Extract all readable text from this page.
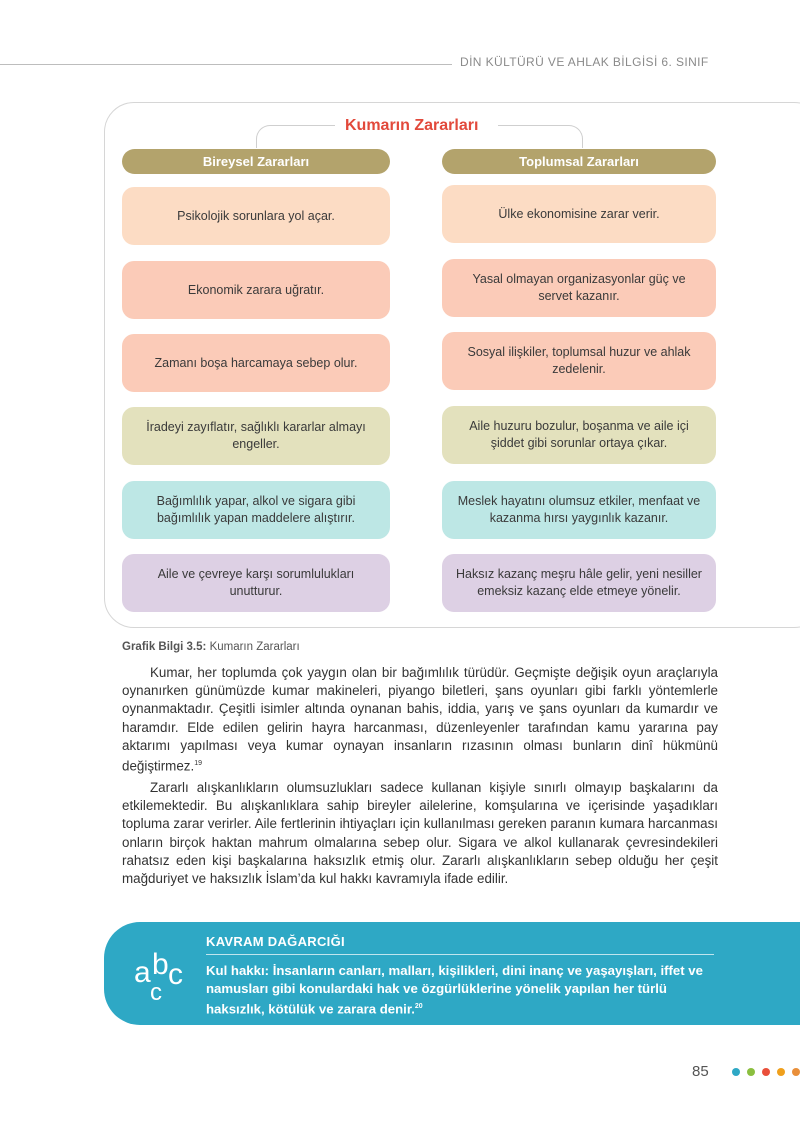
DİN KÜLTÜRÜ VE AHLAK BİLGİSİ 6. SINIF
Kumarın Zararları
Bireysel Zararları	Toplumsal Zararları
Psikolojik sorunlara yol açar.
Ekonomik zarara uğratır.
Zamanı boşa harcamaya sebep olur.
İradeyi zayıflatır, sağlıklı kararlar almayı engeller.
Bağımlılık yapar, alkol ve sigara gibi bağımlılık yapan maddelere alıştırır.
Aile ve çevreye karşı sorumlulukları unutturur.
Ülke ekonomisine zarar verir.
Yasal olmayan organizasyonlar güç ve servet kazanır.
Sosyal ilişkiler, toplumsal huzur ve ahlak zedelenir.
Aile huzuru bozulur, boşanma ve aile içi şiddet gibi sorunlar ortaya çıkar.
Meslek hayatını olumsuz etkiler, menfaat ve kazanma hırsı yaygınlık kazanır.
Haksız kazanç meşru hâle gelir, yeni nesiller emeksiz kazanç elde etmeye yönelir.
Grafik Bilgi 3.5: Kumarın Zararları

Kumar, her toplumda çok yaygın olan bir bağımlılık türüdür. Geçmişte değişik oyun araçlarıyla oynanırken günümüzde kumar makineleri, piyango biletleri, şans oyunları gibi farklı yöntemlerle oynanmaktadır. Çeşitli isimler altında oynanan bahis, iddia, yarış ve şans oyunları da kumardır ve haramdır. Elde edilen gelirin hayra harcanması, düzenleyenler tarafından kamu yararına pay aktarımı yapılması veya kumar oynayan insanların rızasının olması bunların dinî hükmünü değiştirmez.$^{19}$

Zararlı alışkanlıkların olumsuzlukları sadece kullanan kişiyle sınırlı olmayıp başkalarını da etkilemektedir. Bu alışkanlıklara sahip bireyler ailelerine, komşularına ve içerisinde yaşadıkları topluma zarar verirler. Aile fertlerinin ihtiyaçları için kullanılması gereken paranın kumara harcanması onların birçok haktan mahrum olmalarına sebep olur. Sigara ve alkol kullanarak çevresindekileri rahatsız eden kişi başkalarına haksızlık etmiş olur. Zararlı alışkanlıkların sebep olduğu her çeşit mağduriyet ve haksızlık İslam’da kul hakkı kavramıyla ifade edilir.

a b c
c
KAVRAM DAĞARCIĞI
Kul hakkı: İnsanların canları, malları, kişilikleri, dini inanç ve yaşayışları, iffet ve namusları gibi konulardaki hak ve özgürlüklerine yönelik yapılan her türlü haksızlık, kötülük ve zarara denir.$^{20}$
85
